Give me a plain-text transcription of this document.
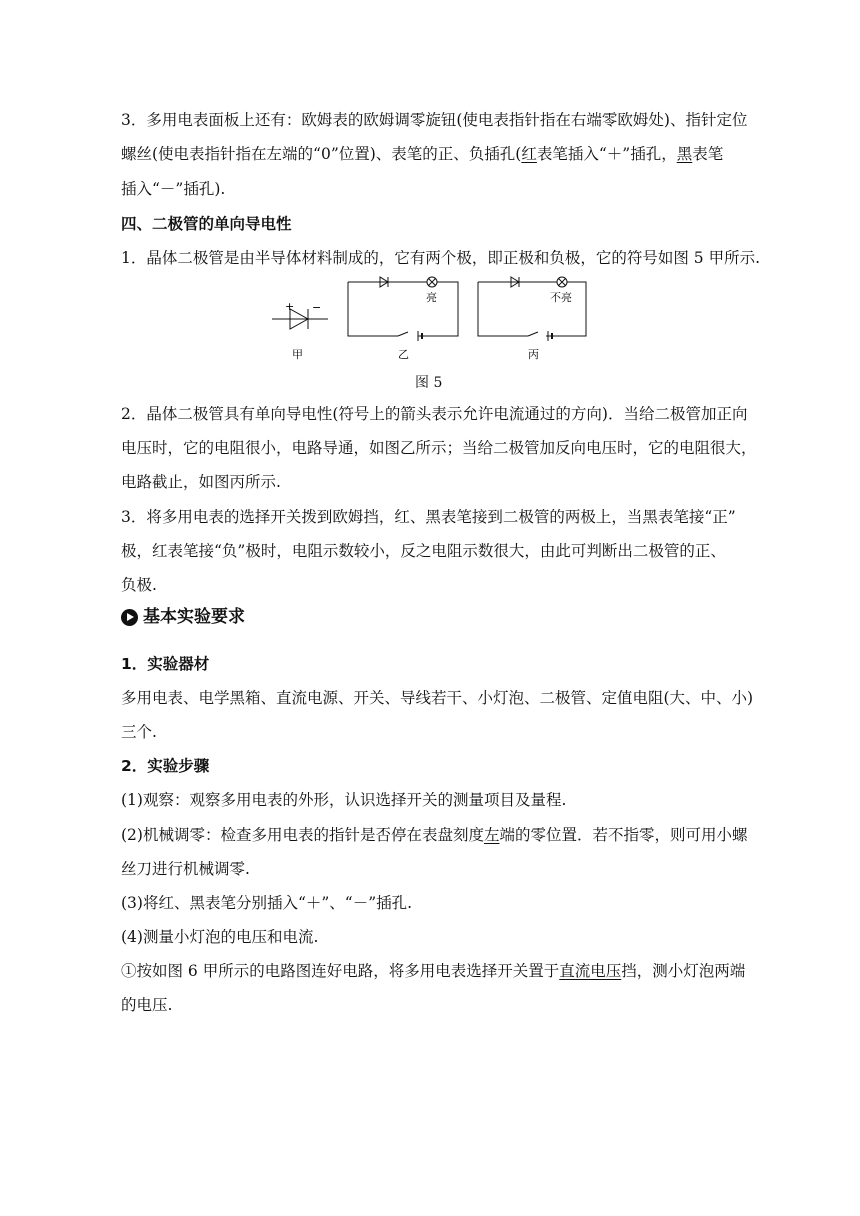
3．多用电表面板上还有：欧姆表的欧姆调零旋钮(使电表指针指在右端零欧姆处)、指针定位
螺丝(使电表指针指在左端的“0”位置)、表笔的正、负插孔(红表笔插入“＋”插孔，黑表笔
插入“－”插孔).
四、二极管的单向导电性
1．晶体二极管是由半导体材料制成的，它有两个极，即正极和负极，它的符号如图 5 甲所示.
+ −
甲
亮
乙
不亮
丙
图 5
2．晶体二极管具有单向导电性(符号上的箭头表示允许电流通过的方向)．当给二极管加正向
电压时，它的电阻很小，电路导通，如图乙所示；当给二极管加反向电压时，它的电阻很大，
电路截止，如图丙所示.
3．将多用电表的选择开关拨到欧姆挡，红、黑表笔接到二极管的两极上，当黑表笔接“正”
极，红表笔接“负”极时，电阻示数较小，反之电阻示数很大，由此可判断出二极管的正、
负极.
基本实验要求
1．实验器材
多用电表、电学黑箱、直流电源、开关、导线若干、小灯泡、二极管、定值电阻(大、中、小)
三个.
2．实验步骤
(1)观察：观察多用电表的外形，认识选择开关的测量项目及量程.
(2)机械调零：检查多用电表的指针是否停在表盘刻度左端的零位置．若不指零，则可用小螺
丝刀进行机械调零.
(3)将红、黑表笔分别插入“＋”、“－”插孔.
(4)测量小灯泡的电压和电流.
①按如图 6 甲所示的电路图连好电路，将多用电表选择开关置于直流电压挡，测小灯泡两端
的电压.
